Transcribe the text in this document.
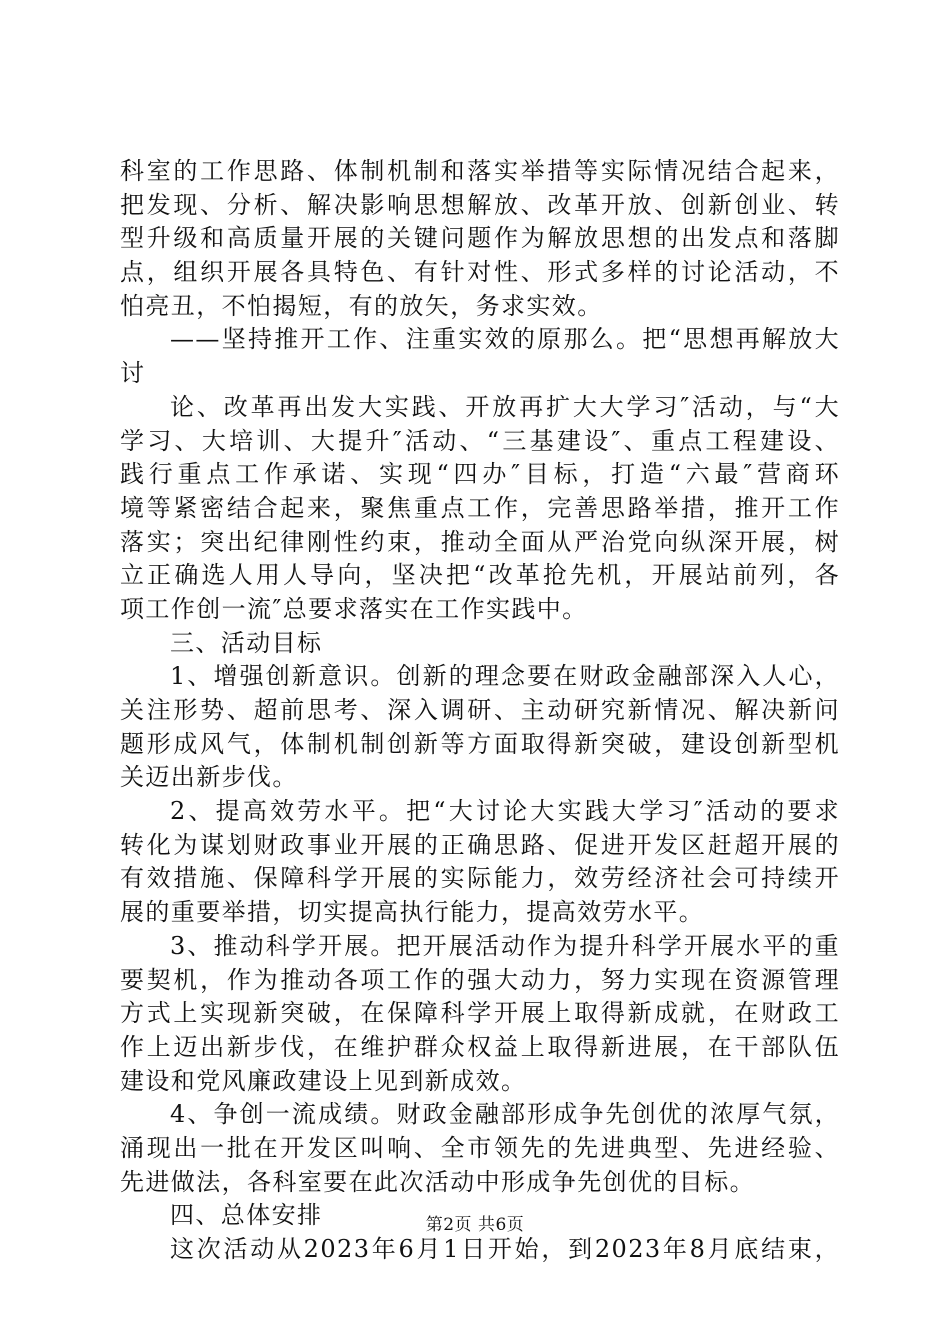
科室的工作思路、体制机制和落实举措等实际情况结合起来，
把发现、分析、解决影响思想解放、改革开放、创新创业、转
型升级和高质量开展的关键问题作为解放思想的出发点和落脚
点，组织开展各具特色、有针对性、形式多样的讨论活动，不
怕亮丑，不怕揭短，有的放矢，务求实效。
——坚持推开工作、注重实效的原那么。把“思想再解放大
讨
论、改革再出发大实践、开放再扩大大学习″活动，与“大
学习、大培训、大提升″活动、“三基建设″、重点工程建设、
践行重点工作承诺、实现“四办″目标，打造“六最″营商环
境等紧密结合起来，聚焦重点工作，完善思路举措，推开工作
落实；突出纪律刚性约束，推动全面从严治党向纵深开展，树
立正确选人用人导向，坚决把“改革抢先机，开展站前列，各
项工作创一流″总要求落实在工作实践中。
三、活动目标
1、增强创新意识。创新的理念要在财政金融部深入人心，
关注形势、超前思考、深入调研、主动研究新情况、解决新问
题形成风气，体制机制创新等方面取得新突破，建设创新型机
关迈出新步伐。
2、提高效劳水平。把“大讨论大实践大学习″活动的要求
转化为谋划财政事业开展的正确思路、促进开发区赶超开展的
有效措施、保障科学开展的实际能力，效劳经济社会可持续开
展的重要举措，切实提高执行能力，提高效劳水平。
3、推动科学开展。把开展活动作为提升科学开展水平的重
要契机，作为推动各项工作的强大动力，努力实现在资源管理
方式上实现新突破，在保障科学开展上取得新成就，在财政工
作上迈出新步伐，在维护群众权益上取得新进展，在干部队伍
建设和党风廉政建设上见到新成效。
4、争创一流成绩。财政金融部形成争先创优的浓厚气氛，
涌现出一批在开发区叫响、全市领先的先进典型、先进经验、
先进做法，各科室要在此次活动中形成争先创优的目标。
四、总体安排
这次活动从2023年6月1日开始，到2023年8月底结束，
第2页 共6页
